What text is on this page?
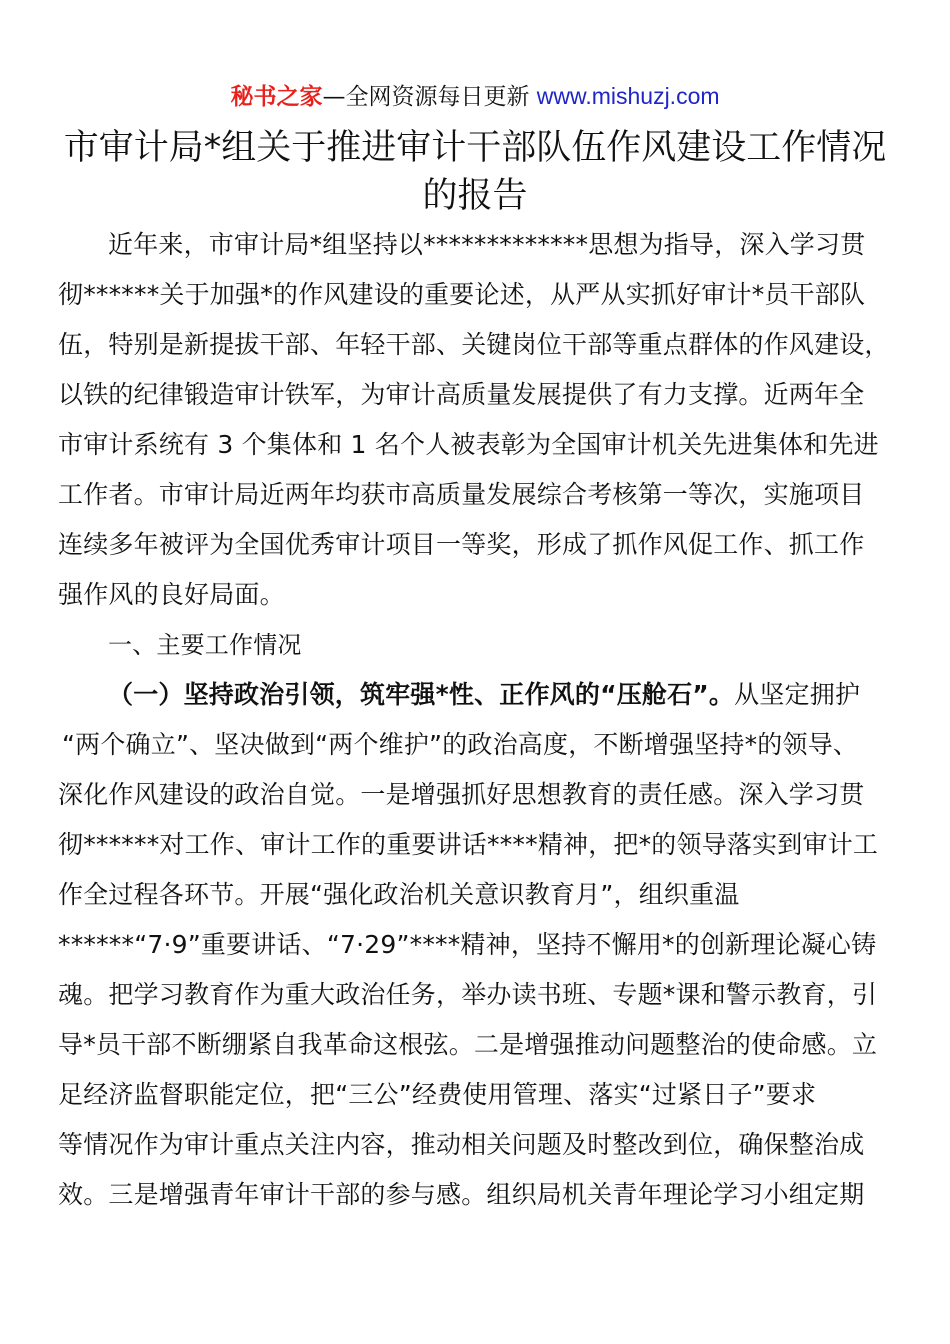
秘书之家—全网资源每日更新 www.mishuzj.com
市审计局*组关于推进审计干部队伍作风建设工作情况
的报告
近年来，市审计局*组坚持以*************思想为指导，深入学习贯
彻******关于加强*的作风建设的重要论述，从严从实抓好审计*员干部队
伍，特别是新提拔干部、年轻干部、关键岗位干部等重点群体的作风建设，
以铁的纪律锻造审计铁军，为审计高质量发展提供了有力支撑。近两年全
市审计系统有 3 个集体和 1 名个人被表彰为全国审计机关先进集体和先进
工作者。市审计局近两年均获市高质量发展综合考核第一等次，实施项目
连续多年被评为全国优秀审计项目一等奖，形成了抓作风促工作、抓工作
强作风的良好局面。
一、主要工作情况
（一）坚持政治引领，筑牢强*性、正作风的“压舱石”。从坚定拥护
“两个确立”、坚决做到“两个维护”的政治高度，不断增强坚持*的领导、
深化作风建设的政治自觉。一是增强抓好思想教育的责任感。深入学习贯
彻******对工作、审计工作的重要讲话****精神，把*的领导落实到审计工
作全过程各环节。开展“强化政治机关意识教育月”，组织重温
******“7·9”重要讲话、“7·29”****精神，坚持不懈用*的创新理论凝心铸
魂。把学习教育作为重大政治任务，举办读书班、专题*课和警示教育，引
导*员干部不断绷紧自我革命这根弦。二是增强推动问题整治的使命感。立
足经济监督职能定位，把“三公”经费使用管理、落实“过紧日子”要求
等情况作为审计重点关注内容，推动相关问题及时整改到位，确保整治成
效。三是增强青年审计干部的参与感。组织局机关青年理论学习小组定期
